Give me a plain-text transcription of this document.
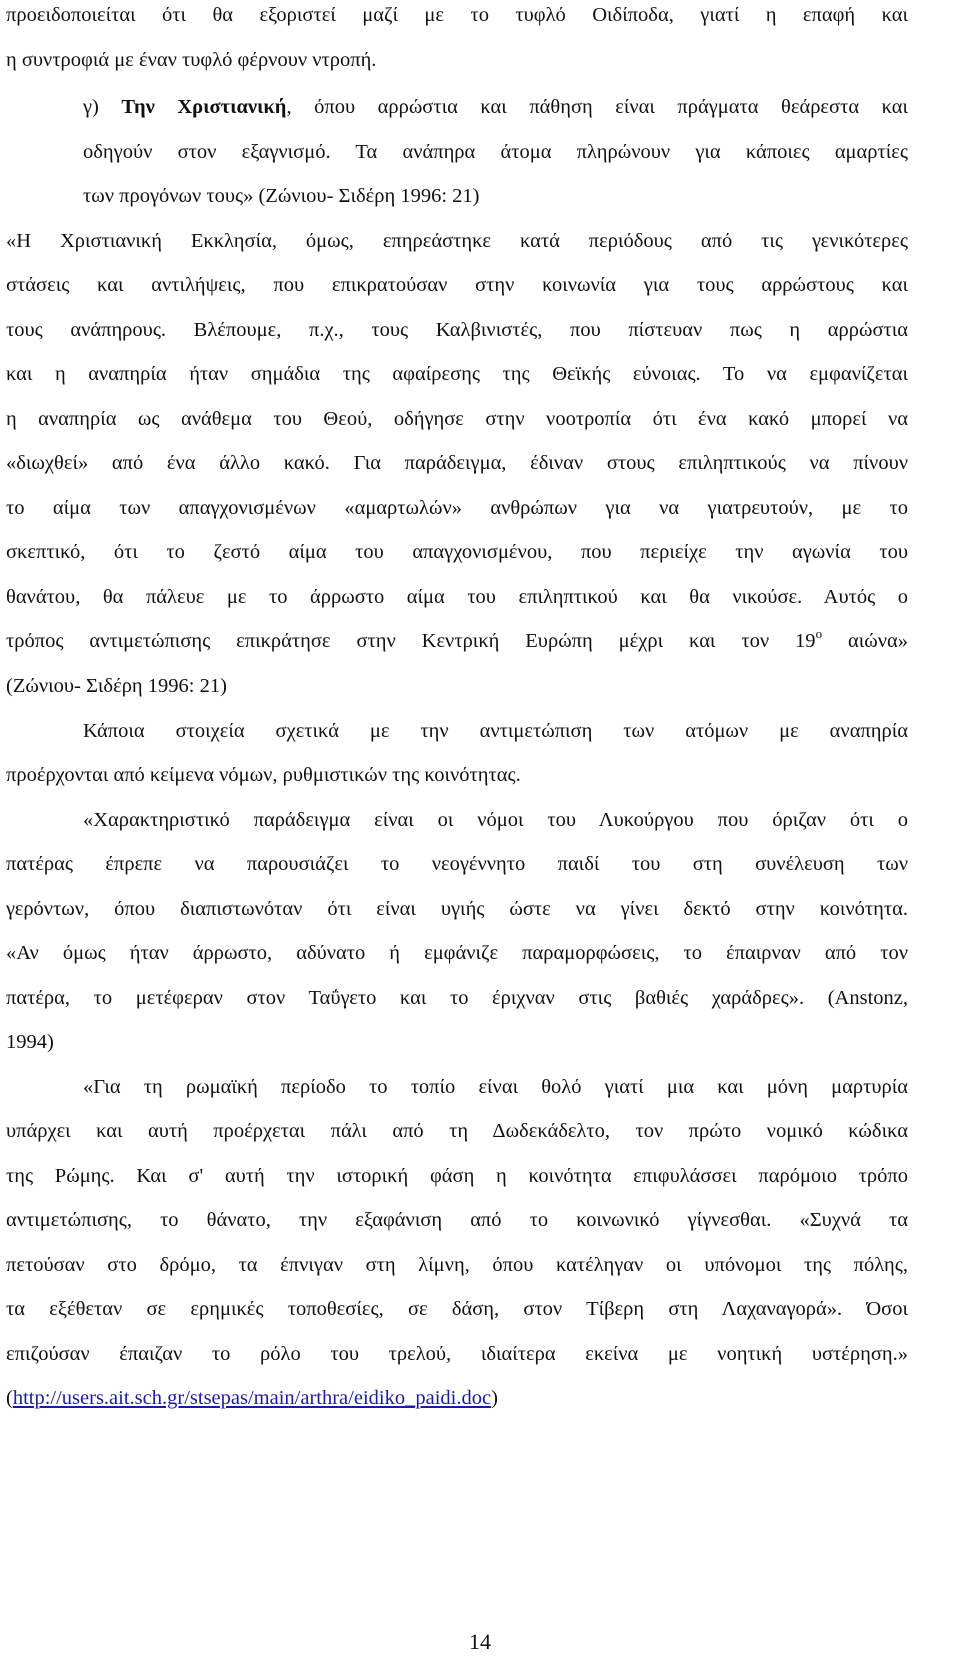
προειδοποιείται ότι θα εξοριστεί μαζί με το τυφλό Οιδίποδα, γιατί η επαφή και
η συντροφιά με έναν τυφλό φέρνουν ντροπή.
γ) Την Χριστιανική, όπου αρρώστια και πάθηση είναι πράγματα θεάρεστα και
οδηγούν στον εξαγνισμό. Τα ανάπηρα άτομα πληρώνουν για κάποιες αμαρτίες
των προγόνων τους» (Ζώνιου- Σιδέρη 1996: 21)
«Η Χριστιανική Εκκλησία, όμως, επηρεάστηκε κατά περιόδους από τις γενικότερες
στάσεις και αντιλήψεις, που επικρατούσαν στην κοινωνία για τους αρρώστους και
τους ανάπηρους. Βλέπουμε, π.χ., τους Καλβινιστές, που πίστευαν πως η αρρώστια
και η αναπηρία ήταν σημάδια της αφαίρεσης της Θεϊκής εύνοιας. Το να εμφανίζεται
η αναπηρία ως ανάθεμα του Θεού, οδήγησε στην νοοτροπία ότι ένα κακό μπορεί να
«διωχθεί» από ένα άλλο κακό. Για παράδειγμα, έδιναν στους επιληπτικούς να πίνουν
το αίμα των απαγχονισμένων «αμαρτωλών» ανθρώπων για να γιατρευτούν, με το
σκεπτικό, ότι το ζεστό αίμα του απαγχονισμένου, που περιείχε την αγωνία του
θανάτου, θα πάλευε με το άρρωστο αίμα του επιληπτικού και θα νικούσε. Αυτός ο
τρόπος αντιμετώπισης επικράτησε στην Κεντρική Ευρώπη μέχρι και τον $19^o$ αιώνα»
(Ζώνιου- Σιδέρη 1996: 21)
Κάποια στοιχεία σχετικά με την αντιμετώπιση των ατόμων με αναπηρία
προέρχονται από κείμενα νόμων, ρυθμιστικών της κοινότητας.
«Χαρακτηριστικό παράδειγμα είναι οι νόμοι του Λυκούργου που όριζαν ότι ο
πατέρας έπρεπε να παρουσιάζει το νεογέννητο παιδί του στη συνέλευση των
γερόντων, όπου διαπιστωνόταν ότι είναι υγιής ώστε να γίνει δεκτό στην κοινότητα.
«Αν όμως ήταν άρρωστο, αδύνατο ή εμφάνιζε παραμορφώσεις, το έπαιρναν από τον
πατέρα, το μετέφεραν στον Ταΰγετο και το έριχναν στις βαθιές χαράδρες». (Anstonz,
1994)
«Για τη ρωμαϊκή περίοδο το τοπίο είναι θολό γιατί μια και μόνη μαρτυρία
υπάρχει και αυτή προέρχεται πάλι από τη Δωδεκάδελτο, τον πρώτο νομικό κώδικα
της Ρώμης. Και σ' αυτή την ιστορική φάση η κοινότητα επιφυλάσσει παρόμοιο τρόπο
αντιμετώπισης, το θάνατο, την εξαφάνιση από το κοινωνικό γίγνεσθαι. «Συχνά τα
πετούσαν στο δρόμο, τα έπνιγαν στη λίμνη, όπου κατέληγαν οι υπόνομοι της πόλης,
τα εξέθεταν σε ερημικές τοποθεσίες, σε δάση, στον Τίβερη στη Λαχαναγορά». Όσοι
επιζούσαν έπαιζαν το ρόλο του τρελού, ιδιαίτερα εκείνα με νοητική υστέρηση.»
(http://users.ait.sch.gr/stsepas/main/arthra/eidiko_paidi.doc)
14
